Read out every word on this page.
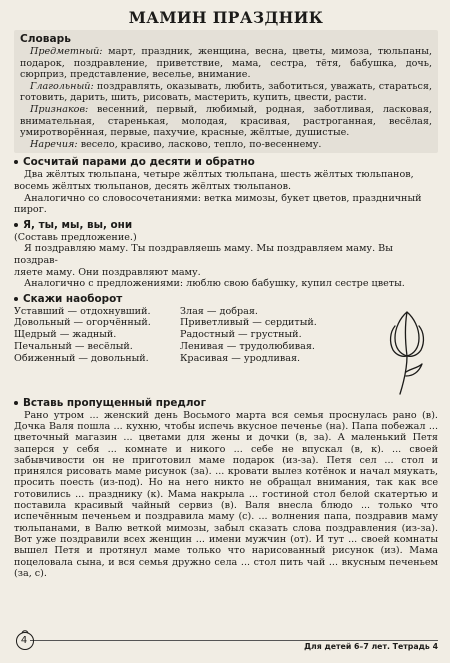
МАМИН ПРАЗДНИК
Словарь

Предметный: март, праздник, женщина, весна, цветы, мимоза, тюльпаны, подарок, поздравление, приветствие, мама, сестра, тётя, бабушка, дочь, сюрприз, представление, веселье, внимание.

Глагольный: поздравлять, оказывать, любить, заботиться, уважать, стараться, готовить, дарить, шить, рисовать, мастерить, купить, цвести, расти.

Признаков: весенний, первый, любимый, родная, заботливая, ласковая, внимательная, старенькая, молодая, красивая, растроганная, весёлая, умиротворённая, первые, пахучие, красные, жёлтые, душистые.

Наречия: весело, красиво, ласково, тепло, по-весеннему.

Сосчитай парами до десяти и обратно

Два жёлтых тюльпана, четыре жёлтых тюльпана, шесть жёлтых тюльпанов,

восемь жёлтых тюльпанов, десять жёлтых тюльпанов.

Аналогично со словосочетаниями: ветка мимозы, букет цветов, праздничный пирог.

Я, ты, мы, вы, они

(Составь предложение.)

Я поздравляю маму. Ты поздравляешь маму. Мы поздравляем маму. Вы поздрав-

ляете маму. Они поздравляют маму.

Аналогично с предложениями: люблю свою бабушку, купил сестре цветы.

Скажи наоборот
Уставший — отдохнувший.
Довольный — огорчённый.
Щедрый — жадный.
Печальный — весёлый.
Обиженный — довольный.
Злая — добрая.
Приветливый — сердитый.
Радостный — грустный.
Ленивая — трудолюбивая.
Красивая — уродливая.
Вставь пропущенный предлог

Рано утром ... женский день Восьмого марта вся семья проснулась рано (в). Дочка Валя пошла ... кухню, чтобы испечь вкусное печенье (на). Папа побежал ... цветочный магазин ... цветами для жены и дочки (в, за). А маленький Петя заперся у себя ... комнате и никого ... себе не впускал (в, к). ... своей забывчивости он не приготовил маме подарок (из-за). Петя сел ... стол и принялся рисовать маме рисунок (за). ... кровати вылез котёнок и начал мяукать, просить поесть (из-под). Но на него никто не обращал внимания, так как все готовились ... празднику (к). Мама накрыла ... гостиной стол белой скатертью и поставила красивый чайный сервиз (в). Валя внесла блюдо ... только что испечённым печеньем и поздравила маму (с). ... волнения папа, поздравив маму тюльпанами, в Валю веткой мимозы, забыл сказать слова поздравления (из-за). Вот уже поздравили всех женщин ... имени мужчин (от). И тут ... своей комнаты вышел Петя и протянул маме только что нарисованный рисунок (из). Мама поцеловала сына, и вся семья дружно села ... стол пить чай ... вкусным печеньем (за, с).

4
Для детей 6–7 лет. Тетрадь 4
